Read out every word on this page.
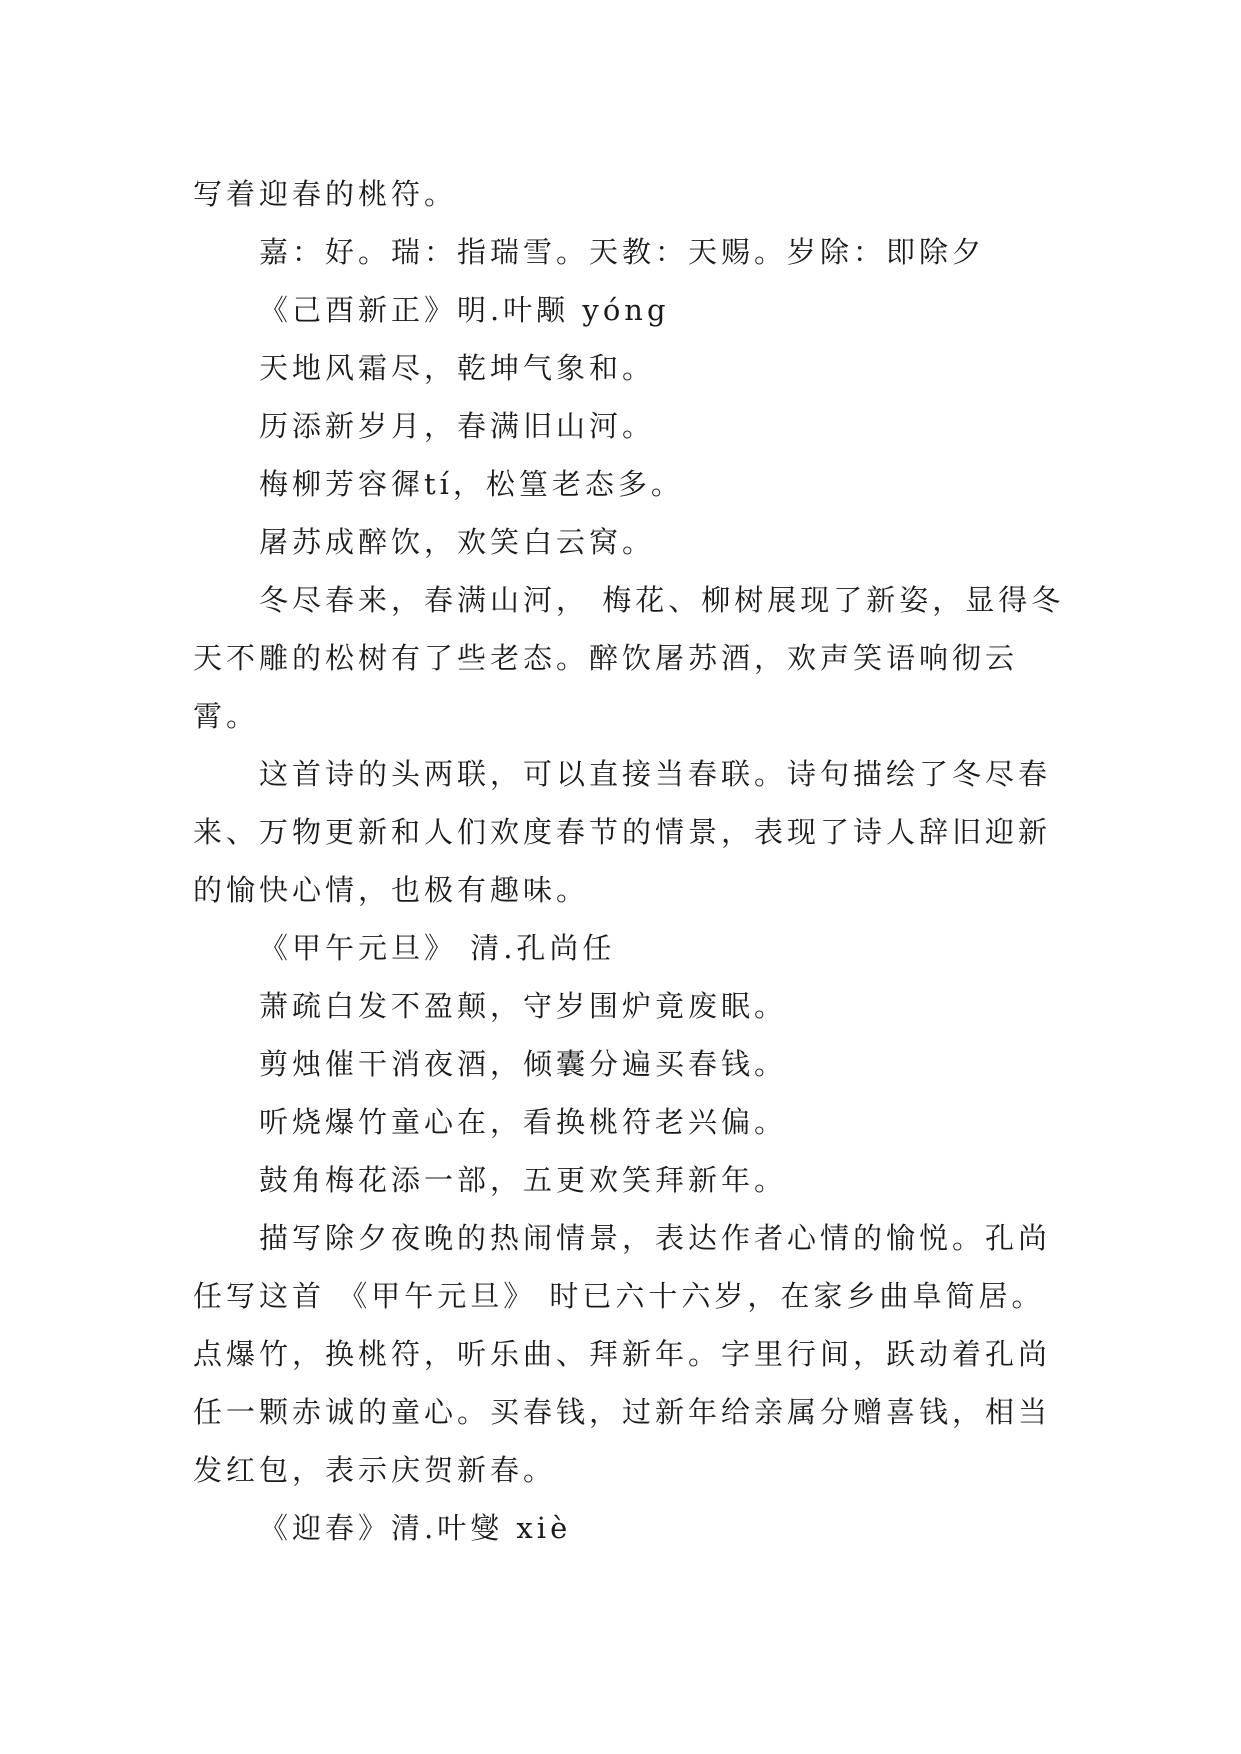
写着迎春的桃符。

嘉：好。瑞：指瑞雪。天教：天赐。岁除：即除夕

《己酉新正》明.叶颙 yóng

天地风霜尽，乾坤气象和。

历添新岁月，春满旧山河。

梅柳芳容徲tí，松篁老态多。

屠苏成醉饮，欢笑白云窝。

冬尽春来，春满山河， 梅花、柳树展现了新姿，显得冬天不雕的松树有了些老态。醉饮屠苏酒，欢声笑语响彻云霄。

这首诗的头两联，可以直接当春联。诗句描绘了冬尽春来、万物更新和人们欢度春节的情景，表现了诗人辞旧迎新的愉快心情，也极有趣味。

《甲午元旦》 清.孔尚任

萧疏白发不盈颠，守岁围炉竟废眠。

剪烛催干消夜酒，倾囊分遍买春钱。

听烧爆竹童心在，看换桃符老兴偏。

鼓角梅花添一部，五更欢笑拜新年。

描写除夕夜晚的热闹情景，表达作者心情的愉悦。孔尚任写这首 《甲午元旦》 时已六十六岁，在家乡曲阜简居。点爆竹，换桃符，听乐曲、拜新年。字里行间，跃动着孔尚任一颗赤诚的童心。买春钱，过新年给亲属分赠喜钱，相当发红包，表示庆贺新春。

《迎春》清.叶燮 xiè
